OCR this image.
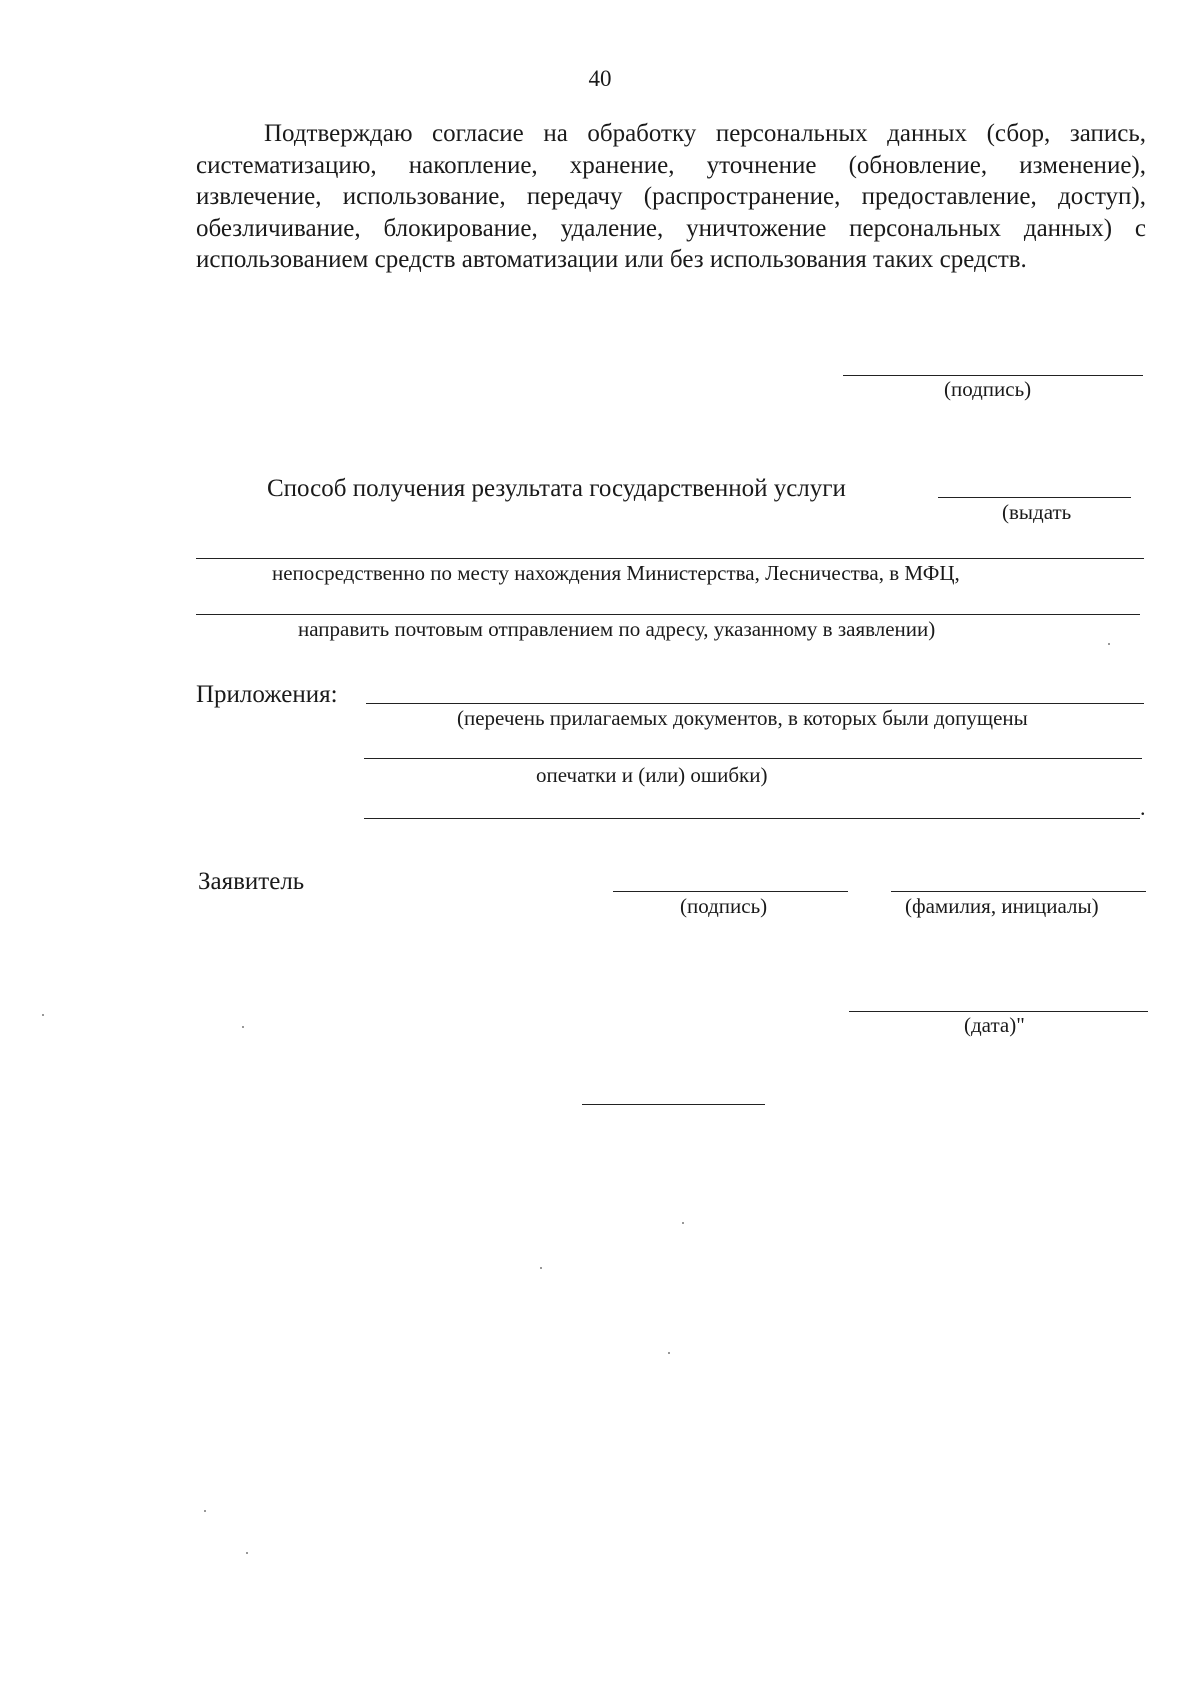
40

Подтверждаю согласие на обработку персональных данных (сбор, запись, систематизацию, накопление, хранение, уточнение (обновление, изменение), извлечение, использование, передачу (распространение, предоставление, доступ), обезличивание, блокирование, удаление, уничтожение персональных данных) с использованием средств автоматизации или без использования таких средств.

(подпись)
Способ получения результата государственной услуги
(выдать
непосредственно по месту нахождения Министерства, Лесничества, в МФЦ,
направить почтовым отправлением по адресу, указанному в заявлении)
Приложения:
(перечень прилагаемых документов, в которых были допущены
опечатки и (или) ошибки)
.
Заявитель
(подпись)	(фамилия, инициалы)
(дата)"
